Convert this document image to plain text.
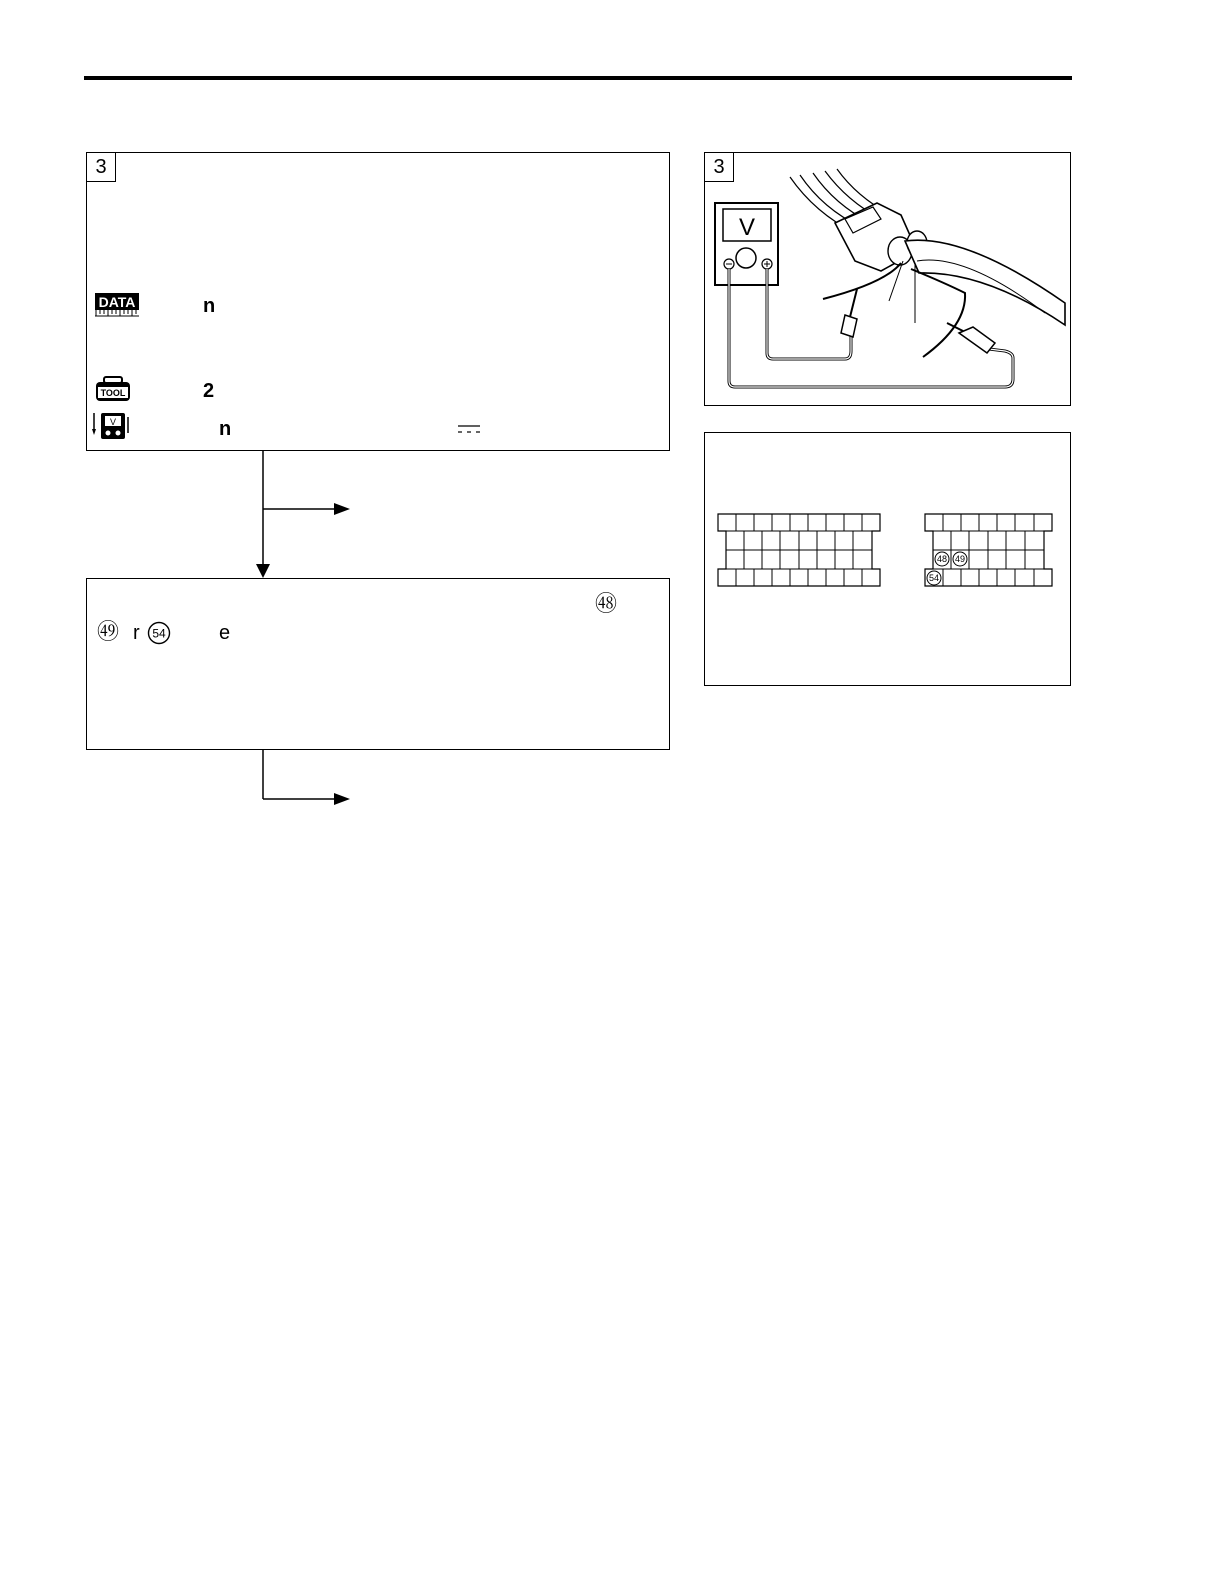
3
DATA	n
TOOL	2
V	n
㊽
㊾ r 54	e
3
V
48 49
54
